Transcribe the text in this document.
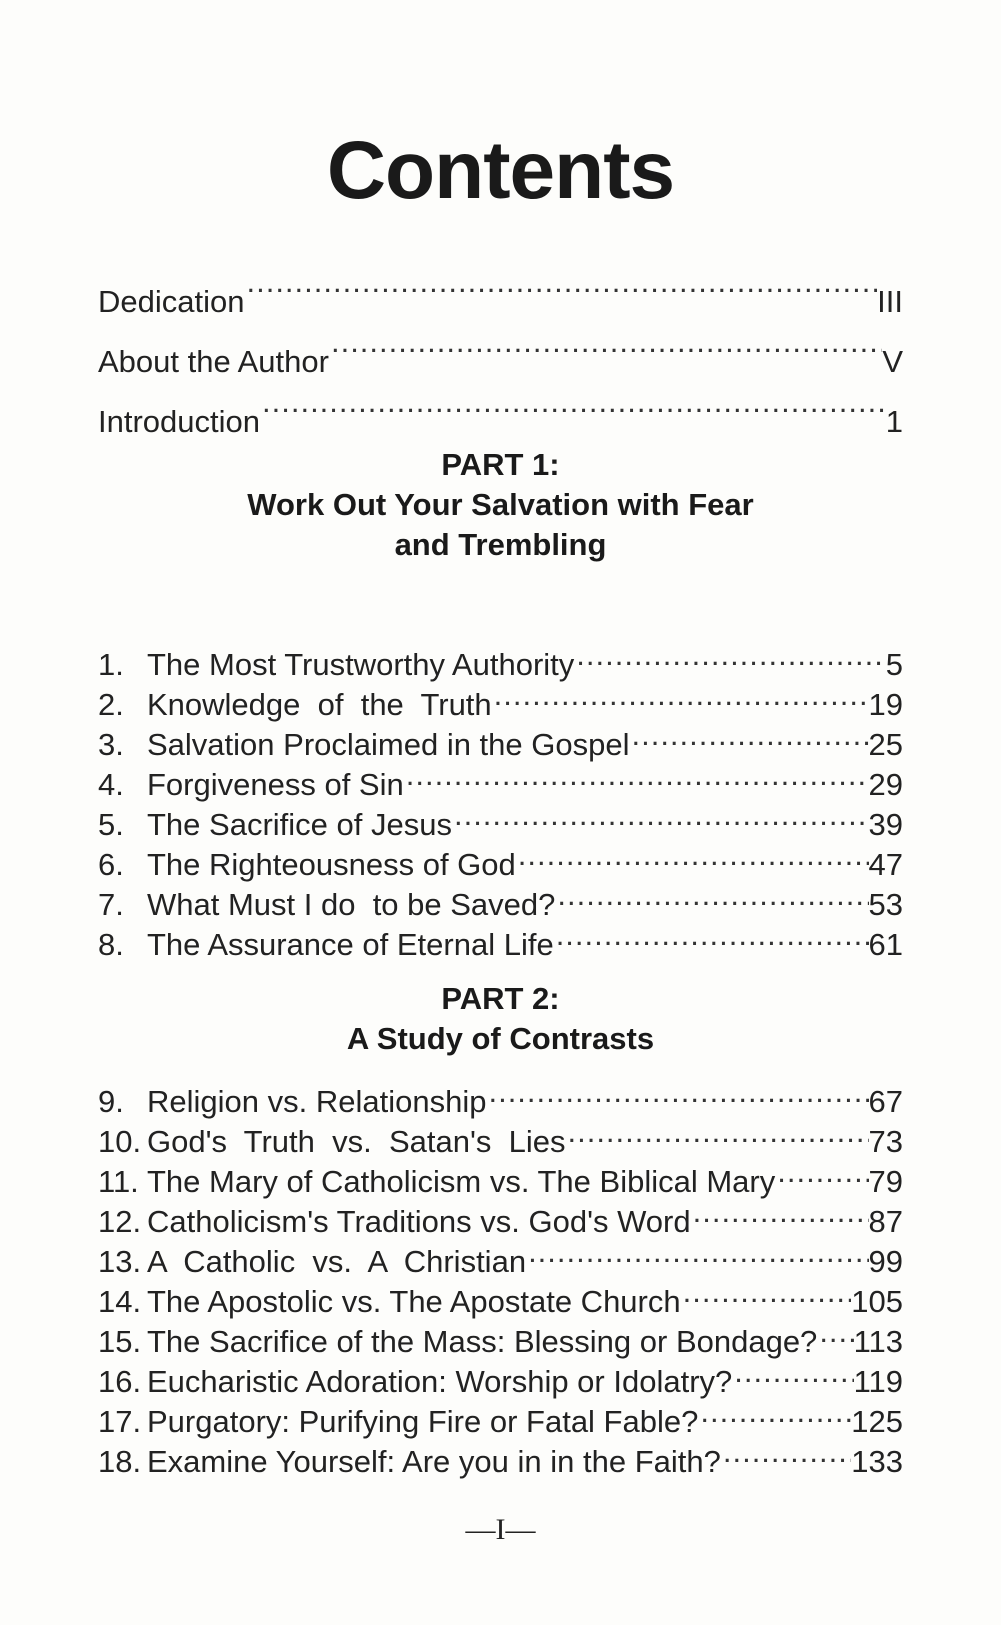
Contents
Dedication .....	III
About the Author .....	V
Introduction .....	1
PART 1:
Work Out Your Salvation with Fear
and Trembling
1. The Most Trustworthy Authority .....	5
2. Knowledge  of  the  Truth .....	19
3. Salvation Proclaimed in the Gospel .....	25
4. Forgiveness of Sin .....	29
5. The Sacrifice of Jesus .....	39
6. The Righteousness of God .....	47
7. What Must I do  to be Saved? .....	53
8. The Assurance of Eternal Life .....	61
PART 2:
A Study of Contrasts
9. Religion vs. Relationship .....	67
10. God's  Truth  vs.  Satan's  Lies .....	73
11. The Mary of Catholicism vs. The Biblical Mary .....	79
12. Catholicism's Traditions vs. God's Word .....	87
13. A  Catholic  vs.  A  Christian .....	99
14. The Apostolic vs. The Apostate Church .....	105
15. The Sacrifice of the Mass: Blessing or Bondage? ..... 113
16. Eucharistic Adoration: Worship or Idolatry? .....	119
17. Purgatory: Purifying Fire or Fatal Fable? .....	125
18. Examine Yourself: Are you in in the Faith? .....	133
—I—
